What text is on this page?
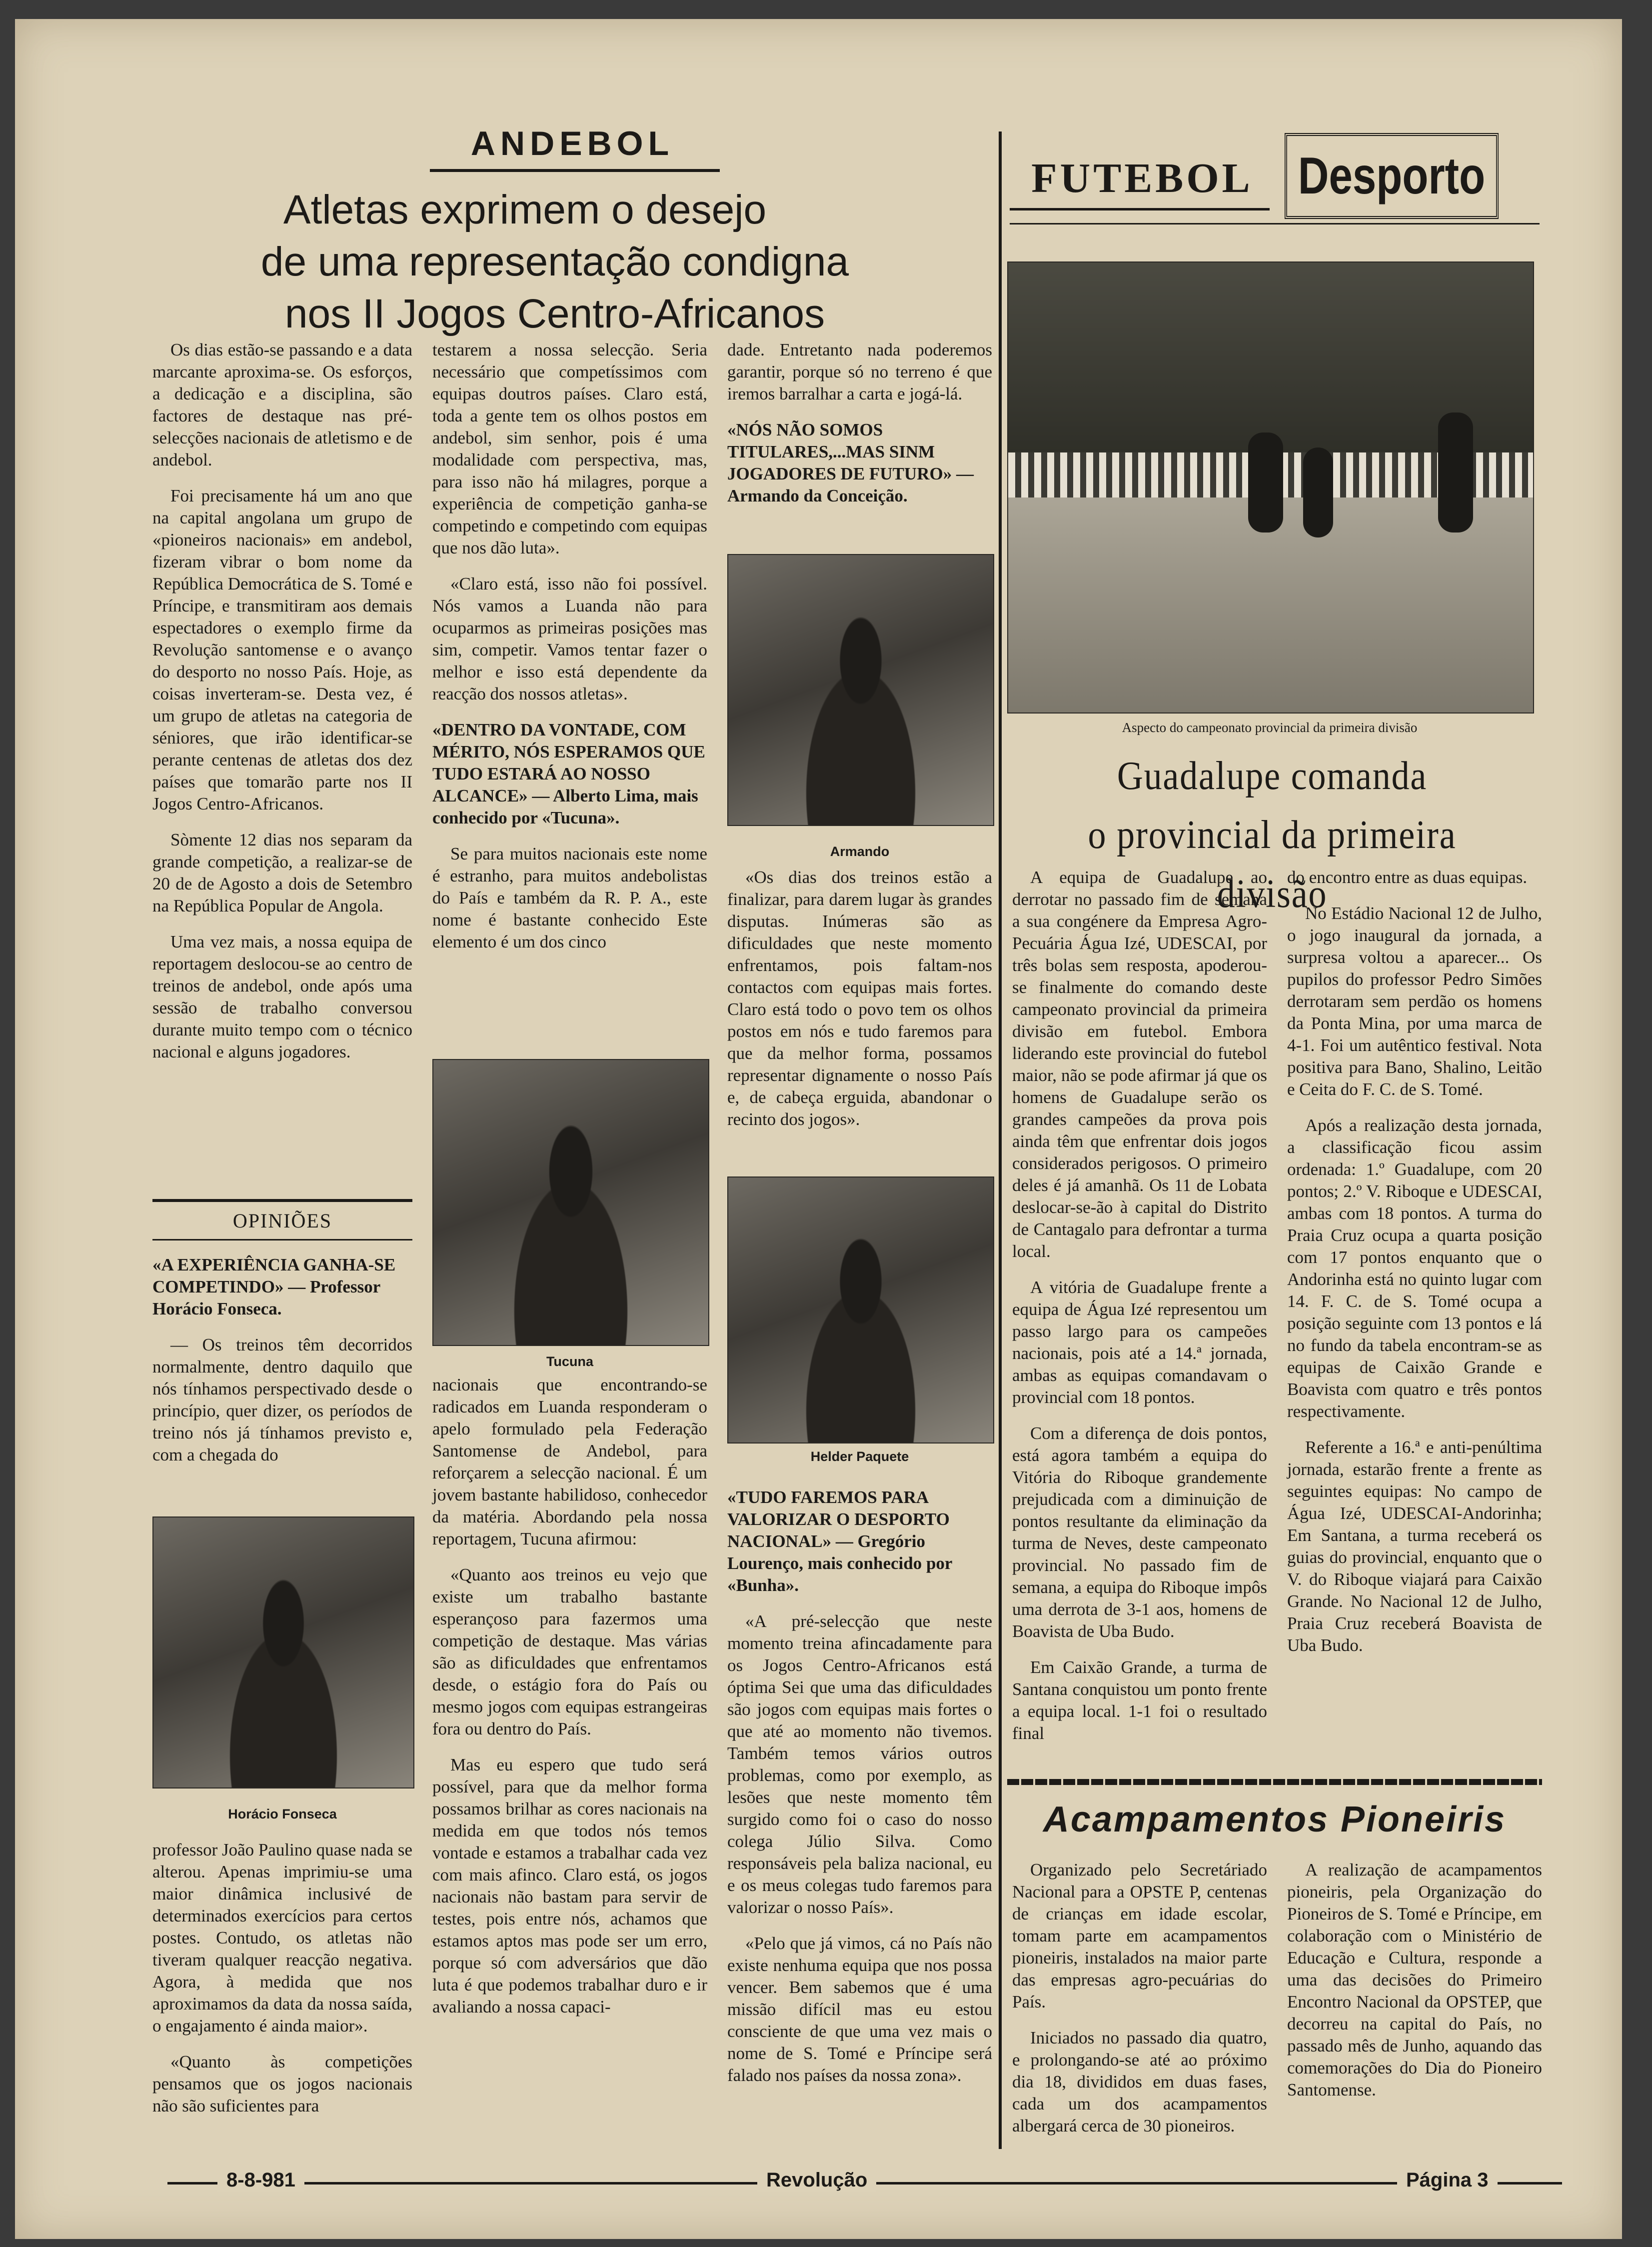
ANDEBOL
Atletas exprimem o desejo
de uma representação condigna
nos II Jogos Centro-Africanos

Os dias estão-se passando e a data marcante aproxima-se. Os esforços, a dedicação e a disciplina, são factores de destaque nas pré-selecções nacionais de atletismo e de andebol.

Foi precisamente há um ano que na capital angolana um grupo de «pioneiros nacionais» em andebol, fizeram vibrar o bom nome da República Democrática de S. Tomé e Príncipe, e transmitiram aos demais espectadores o exemplo firme da Revolução santomense e o avanço do desporto no nosso País. Hoje, as coisas inverteram-se. Desta vez, é um grupo de atletas na categoria de séniores, que irão identificar-se perante centenas de atletas dos dez países que tomarão parte nos II Jogos Centro-Africanos.

Sòmente 12 dias nos separam da grande competição, a realizar-se de 20 de de Agosto a dois de Setembro na República Popular de Angola.

Uma vez mais, a nossa equipa de reportagem deslocou-se ao centro de treinos de andebol, onde após uma sessão de trabalho conversou durante muito tempo com o técnico nacional e alguns jogadores.

OPINIÕES

«A EXPERIÊNCIA GANHA-SE COMPETINDO» — Professor Horácio Fonseca.

— Os treinos têm decorridos normalmente, dentro daquilo que nós tínhamos perspectivado desde o princípio, quer dizer, os períodos de treino nós já tínhamos previsto e, com a chegada do

Horácio Fonseca

professor João Paulino quase nada se alterou. Apenas imprimiu-se uma maior dinâmica inclusivé de determinados exercícios para certos postes. Contudo, os atletas não tiveram qualquer reacção negativa. Agora, à medida que nos aproximamos da data da nossa saída, o engajamento é ainda maior».

«Quanto às competições pensamos que os jogos nacionais não são suficientes para

testarem a nossa selecção. Seria necessário que competíssimos com equipas doutros países. Claro está, toda a gente tem os olhos postos em andebol, sim senhor, pois é uma modalidade com perspectiva, mas, para isso não há milagres, porque a experiência de competição ganha-se competindo e competindo com equipas que nos dão luta».

«Claro está, isso não foi possível. Nós vamos a Luanda não para ocuparmos as primeiras posições mas sim, competir. Vamos tentar fazer o melhor e isso está dependente da reacção dos nossos atletas».

«DENTRO DA VONTADE, COM MÉRITO, NÓS ESPERAMOS QUE TUDO ESTARÁ AO NOSSO ALCANCE» — Alberto Lima, mais conhecido por «Tucuna».

Se para muitos nacionais este nome é estranho, para muitos andebolistas do País e também da R. P. A., este nome é bastante conhecido Este elemento é um dos cinco

Tucuna

nacionais que encontrando-se radicados em Luanda responderam o apelo formulado pela Federação Santomense de Andebol, para reforçarem a selecção nacional. É um jovem bastante habilidoso, conhecedor da matéria. Abordando pela nossa reportagem, Tucuna afirmou:

«Quanto aos treinos eu vejo que existe um trabalho bastante esperançoso para fazermos uma competição de destaque. Mas várias são as dificuldades que enfrentamos desde, o estágio fora do País ou mesmo jogos com equipas estrangeiras fora ou dentro do País.

Mas eu espero que tudo será possível, para que da melhor forma possamos brilhar as cores nacionais na medida em que todos nós temos vontade e estamos a trabalhar cada vez com mais afinco. Claro está, os jogos nacionais não bastam para servir de testes, pois entre nós, achamos que estamos aptos mas pode ser um erro, porque só com adversários que dão luta é que podemos trabalhar duro e ir avaliando a nossa capaci-

dade. Entretanto nada poderemos garantir, porque só no terreno é que iremos barralhar a carta e jogá-lá.

«NÓS NÃO SOMOS TITULARES,...MAS SINM JOGADORES DE FUTURO» — Armando da Conceição.

Armando

«Os dias dos treinos estão a finalizar, para darem lugar às grandes disputas. Inúmeras são as dificuldades que neste momento enfrentamos, pois faltam-nos contactos com equipas mais fortes. Claro está todo o povo tem os olhos postos em nós e tudo faremos para que da melhor forma, possamos representar dignamente o nosso País e, de cabeça erguida, abandonar o recinto dos jogos».

Helder Paquete

«TUDO FAREMOS PARA VALORIZAR O DESPORTO NACIONAL» — Gregório Lourenço, mais conhecido por «Bunha».

«A pré-selecção que neste momento treina afincadamente para os Jogos Centro-Africanos está óptima Sei que uma das dificuldades são jogos com equipas mais fortes o que até ao momento não tivemos. Também temos vários outros problemas, como por exemplo, as lesões que neste momento têm surgido como foi o caso do nosso colega Júlio Silva. Como responsáveis pela baliza nacional, eu e os meus colegas tudo faremos para valorizar o nosso País».

«Pelo que já vimos, cá no País não existe nenhuma equipa que nos possa vencer. Bem sabemos que é uma missão difícil mas eu estou consciente de que uma vez mais o nome de S. Tomé e Príncipe será falado nos países da nossa zona».

FUTEBOL Desporto
Aspecto do campeonato provincial da primeira divisão
Guadalupe comanda
o provincial da primeira divisão

A equipa de Guadalupe ao derrotar no passado fim de semana a sua congénere da Empresa Agro-Pecuária Água Izé, UDESCAI, por três bolas sem resposta, apoderou-se finalmente do comando deste campeonato provincial da primeira divisão em futebol. Embora liderando este provincial do futebol maior, não se pode afirmar já que os homens de Guadalupe serão os grandes campeões da prova pois ainda têm que enfrentar dois jogos considerados perigosos. O primeiro deles é já amanhã. Os 11 de Lobata deslocar-se-ão à capital do Distrito de Cantagalo para defrontar a turma local.

A vitória de Guadalupe frente a equipa de Água Izé representou um passo largo para os campeões nacionais, pois até a 14.ª jornada, ambas as equipas comandavam o provincial com 18 pontos.

Com a diferença de dois pontos, está agora também a equipa do Vitória do Riboque grandemente prejudicada com a diminuição de pontos resultante da eliminação da turma de Neves, deste campeonato provincial. No passado fim de semana, a equipa do Riboque impôs uma derrota de 3-1 aos, homens de Boavista de Uba Budo.

Em Caixão Grande, a turma de Santana conquistou um ponto frente a equipa local. 1-1 foi o resultado final

do encontro entre as duas equipas.

No Estádio Nacional 12 de Julho, o jogo inaugural da jornada, a surpresa voltou a aparecer... Os pupilos do professor Pedro Simões derrotaram sem perdão os homens da Ponta Mina, por uma marca de 4-1. Foi um autêntico festival. Nota positiva para Bano, Shalino, Leitão e Ceita do F. C. de S. Tomé.

Após a realização desta jornada, a classificação ficou assim ordenada: 1.º Guadalupe, com 20 pontos; 2.º V. Riboque e UDESCAI, ambas com 18 pontos. A turma do Praia Cruz ocupa a quarta posição com 17 pontos enquanto que o Andorinha está no quinto lugar com 14. F. C. de S. Tomé ocupa a posição seguinte com 13 pontos e lá no fundo da tabela encontram-se as equipas de Caixão Grande e Boavista com quatro e três pontos respectivamente.

Referente a 16.ª e anti-penúltima jornada, estarão frente a frente as seguintes equipas: No campo de Água Izé, UDESCAI-Andorinha; Em Santana, a turma receberá os guias do provincial, enquanto que o V. do Riboque viajará para Caixão Grande. No Nacional 12 de Julho, Praia Cruz receberá Boavista de Uba Budo.

Acampamentos Pioneiris

Organizado pelo Secretáriado Nacional para a OPSTE P, centenas de crianças em idade escolar, tomam parte em acampamentos pioneiris, instalados na maior parte das empresas agro-pecuárias do País.

Iniciados no passado dia quatro, e prolongando-se até ao próximo dia 18, divididos em duas fases, cada um dos acampamentos albergará cerca de 30 pioneiros.

A realização de acampamentos pioneiris, pela Organização do Pioneiros de S. Tomé e Príncipe, em colaboração com o Ministério de Educação e Cultura, responde a uma das decisões do Primeiro Encontro Nacional da OPSTEP, que decorreu na capital do País, no passado mês de Junho, aquando das comemorações do Dia do Pioneiro Santomense.

8-8-981	Revolução	Página 3
